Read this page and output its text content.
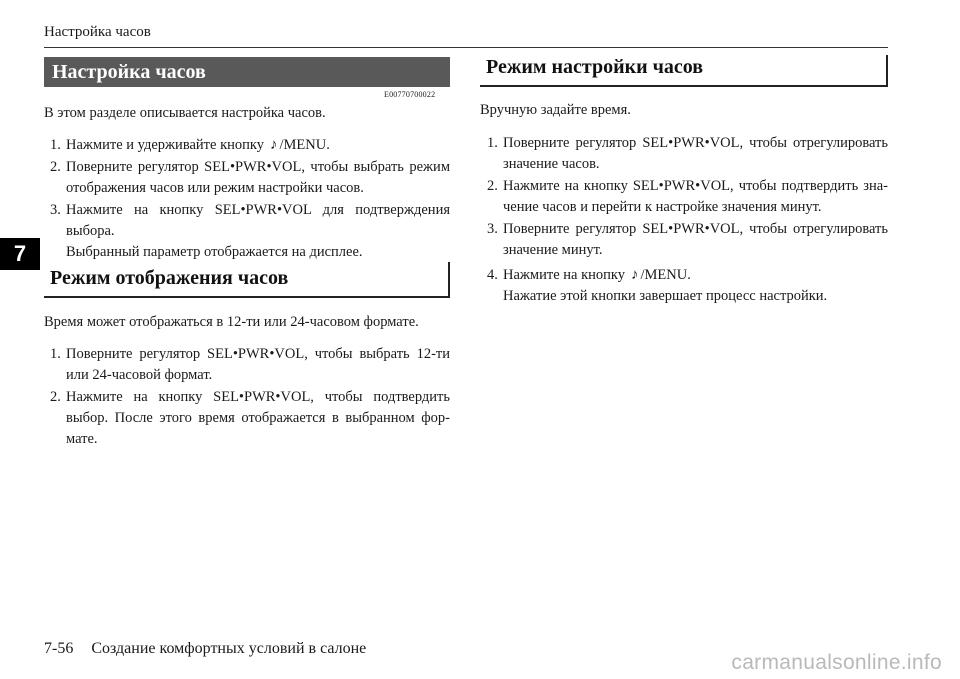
Настройка часов
7
Настройка часов
E00770700022
В этом разделе описывается настройка часов.
1. Нажмите и удерживайте кнопку ♪ /MENU.
2. Поверните регулятор SEL•PWR•VOL, чтобы выбрать режим отображения часов или режим настройки часов.
3. Нажмите на кнопку SEL•PWR•VOL для подтверждения выбора.
Выбранный параметр отображается на дисплее.
Режим отображения часов
Время может отображаться в 12-ти или 24-часовом формате.
1. Поверните регулятор SEL•PWR•VOL, чтобы выбрать 12-ти или 24-часовой формат.
2. Нажмите на кнопку SEL•PWR•VOL, чтобы подтвердить выбор. После этого время отображается в выбранном фор-мате.
Режим настройки часов
Вручную задайте время.
1. Поверните регулятор SEL•PWR•VOL, чтобы отрегулировать значение часов.
2. Нажмите на кнопку SEL•PWR•VOL, чтобы подтвердить зна-чение часов и перейти к настройке значения минут.
3. Поверните регулятор SEL•PWR•VOL, чтобы отрегулировать значение минут.
4. Нажмите на кнопку ♪ /MENU.
Нажатие этой кнопки завершает процесс настройки.
7-56 Создание комфортных условий в салоне
carmanualsonline.info
